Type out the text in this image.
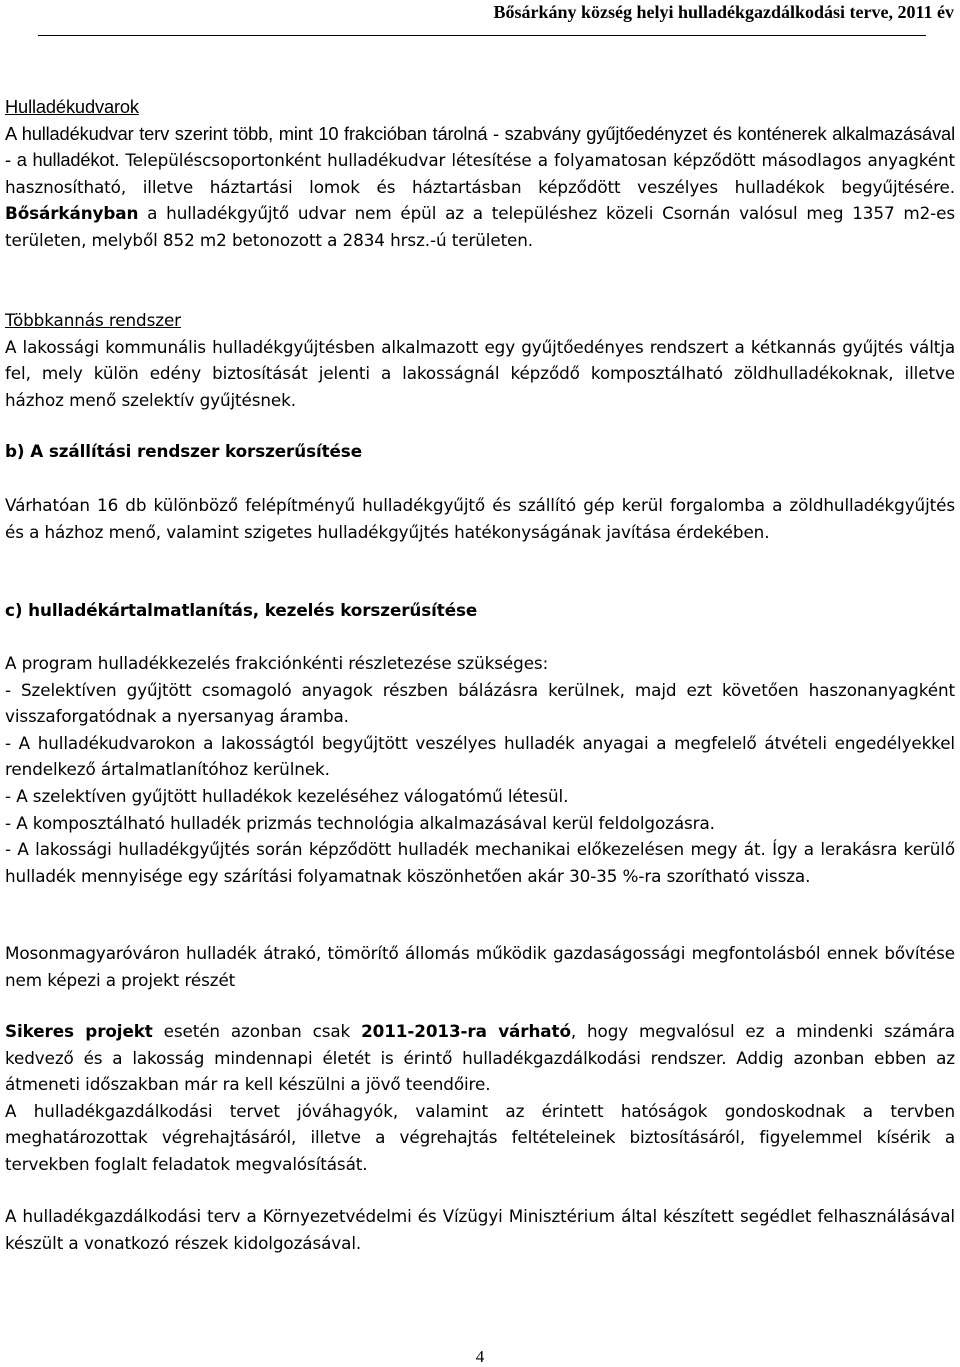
Bősárkány község helyi hulladékgazdálkodási terve, 2011 év
Hulladékudvarok

A hulladékudvar terv szerint több, mint 10 frakcióban tárolná - szabvány gyűjtőedényzet és konténerek alkalmazásával - a hulladékot. Településcsoportonként hulladékudvar létesítése a folyamatosan képződött másodlagos anyagként hasznosítható, illetve háztartási lomok és háztartásban képződött veszélyes hulladékok begyűjtésére. Bősárkányban a hulladékgyűjtő udvar nem épül az a településhez közeli Csornán valósul meg 1357 m2-es területen, melyből 852 m2 betonozott a 2834 hrsz.-ú területen.

Többkannás rendszer

A lakossági kommunális hulladékgyűjtésben alkalmazott egy gyűjtőedényes rendszert a kétkannás gyűjtés váltja fel, mely külön edény biztosítását jelenti a lakosságnál képződő komposztálható zöldhulladékoknak, illetve házhoz menő szelektív gyűjtésnek.

b) A szállítási rendszer korszerűsítése
Várhatóan 16 db különböző felépítményű hulladékgyűjtő és szállító gép kerül forgalomba a zöldhulladékgyűjtés és a házhoz menő, valamint szigetes hulladékgyűjtés hatékonyságának javítása érdekében.
c) hulladékártalmatlanítás, kezelés korszerűsítése

A program hulladékkezelés frakciónkénti részletezése szükséges:

- Szelektíven gyűjtött csomagoló anyagok részben bálázásra kerülnek, majd ezt követően haszonanyagként visszaforgatódnak a nyersanyag áramba.

- A hulladékudvarokon a lakosságtól begyűjtött veszélyes hulladék anyagai a megfelelő átvételi engedélyekkel rendelkező ártalmatlanítóhoz kerülnek.

- A szelektíven gyűjtött hulladékok kezeléséhez válogatómű létesül.

- A komposztálható hulladék prizmás technológia alkalmazásával kerül feldolgozásra.

- A lakossági hulladékgyűjtés során képződött hulladék mechanikai előkezelésen megy át. Így a lerakásra kerülő hulladék mennyisége egy szárítási folyamatnak köszönhetően akár 30-35 %-ra szorítható vissza.

Mosonmagyaróváron hulladék átrakó, tömörítő állomás működik gazdaságossági megfontolásból ennek bővítése nem képezi a projekt részét

Sikeres projekt esetén azonban csak 2011-2013-ra várható, hogy megvalósul ez a mindenki számára kedvező és a lakosság mindennapi életét is érintő hulladékgazdálkodási rendszer. Addig azonban ebben az átmeneti időszakban már ra kell készülni a jövő teendőire.

A hulladékgazdálkodási tervet jóváhagyók, valamint az érintett hatóságok gondoskodnak a tervben meghatározottak végrehajtásáról, illetve a végrehajtás feltételeinek biztosításáról, figyelemmel kísérik a tervekben foglalt feladatok megvalósítását.

A hulladékgazdálkodási terv a Környezetvédelmi és Vízügyi Minisztérium által készített segédlet felhasználásával készült a vonatkozó részek kidolgozásával.
4
